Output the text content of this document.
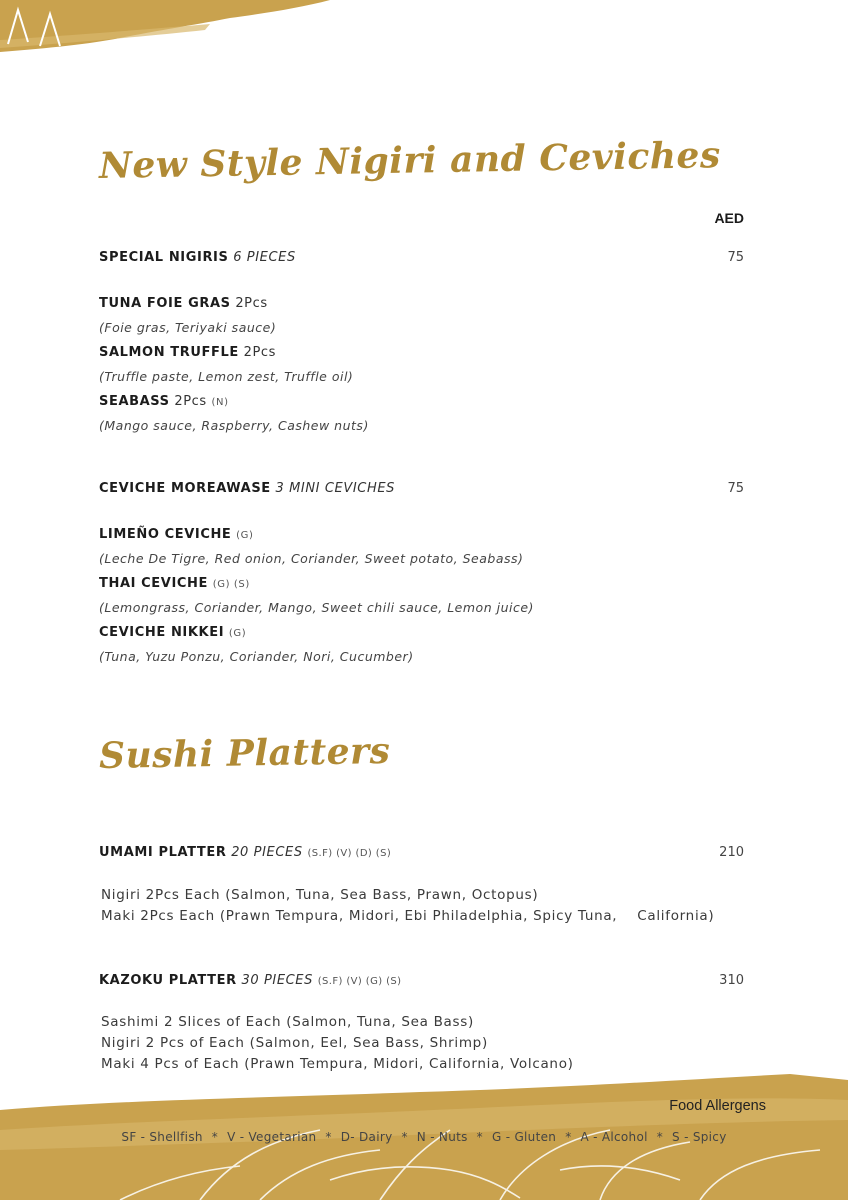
New Style Nigiri and Ceviches
AED
SPECIAL NIGIRIS 6 PIECES	75
TUNA FOIE GRAS 2Pcs
(Foie gras, Teriyaki sauce)
SALMON TRUFFLE 2Pcs
(Truffle paste, Lemon zest, Truffle oil)
SEABASS 2Pcs (N)
(Mango sauce, Raspberry, Cashew nuts)
CEVICHE MOREAWASE 3 MINI CEVICHES	75
LIMEÑO CEVICHE (G)
(Leche De Tigre, Red onion, Coriander, Sweet potato, Seabass)
THAI CEVICHE (G) (S)
(Lemongrass, Coriander, Mango, Sweet chili sauce, Lemon juice)
CEVICHE NIKKEI (G)
(Tuna, Yuzu Ponzu, Coriander, Nori, Cucumber)
Sushi Platters
UMAMI PLATTER 20 PIECES (S.F) (V) (D) (S)	210
Nigiri 2Pcs Each (Salmon, Tuna, Sea Bass, Prawn, Octopus)
Maki 2Pcs Each (Prawn Tempura, Midori, Ebi Philadelphia, Spicy Tuna,    California)
KAZOKU PLATTER 30 PIECES (S.F) (V) (G) (S)	310
Sashimi 2 Slices of Each (Salmon, Tuna, Sea Bass)
Nigiri 2 Pcs of Each (Salmon, Eel, Sea Bass, Shrimp)
Maki 4 Pcs of Each (Prawn Tempura, Midori, California, Volcano)
Food Allergens
SF - Shellfish * V - Vegetarian * D- Dairy * N - Nuts * G - Gluten * A - Alcohol * S - Spicy
